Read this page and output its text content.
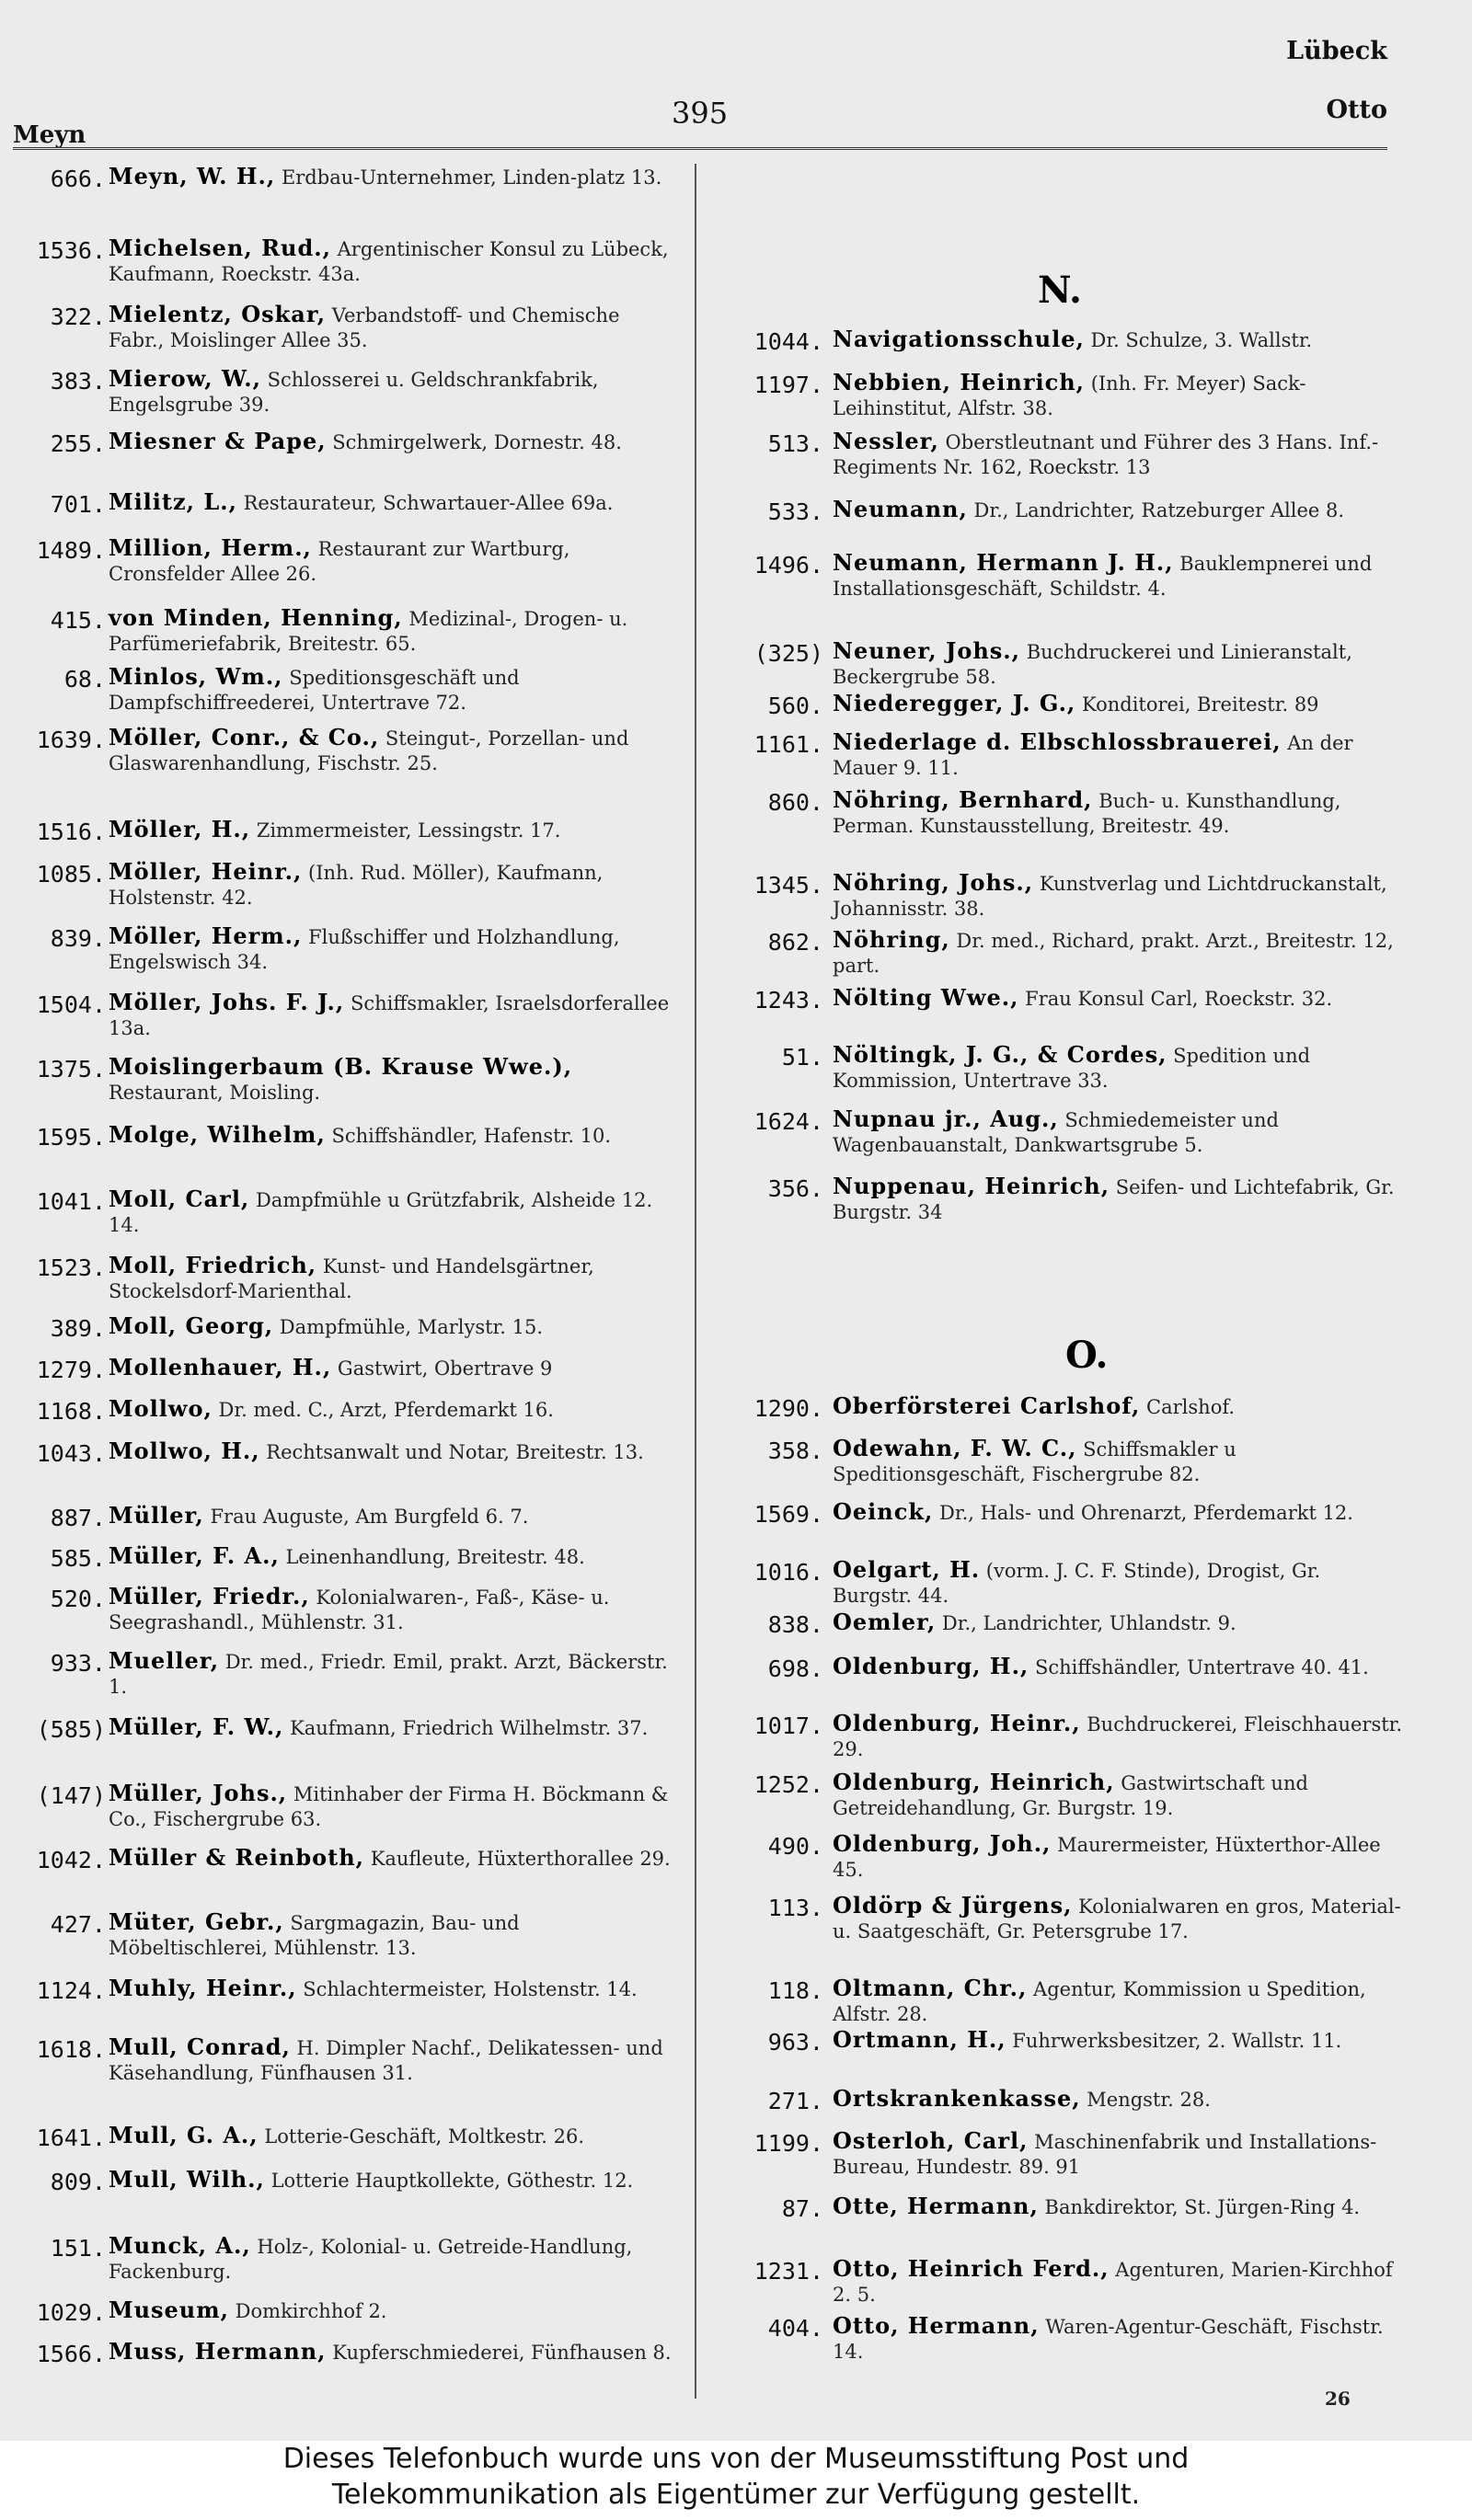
Meyn
395
Lübeck
Otto
666. Meyn, W. H., Erdbau-Unternehmer, Linden-platz 13.
1536. Michelsen, Rud., Argentinischer Konsul zu Lübeck, Kaufmann, Roeckstr. 43a.
322. Mielentz, Oskar, Verbandstoff- und Chemische Fabr., Moislinger Allee 35.
383. Mierow, W., Schlosserei u. Geldschrankfabrik, Engelsgrube 39.
255. Miesner & Pape, Schmirgelwerk, Dornestr. 48.
701. Militz, L., Restaurateur, Schwartauer-Allee 69a.
1489. Million, Herm., Restaurant zur Wartburg, Cronsfelder Allee 26.
415. von Minden, Henning, Medizinal-, Drogen- u. Parfümeriefabrik, Breitestr. 65.
68. Minlos, Wm., Speditionsgeschäft und Dampfschiffreederei, Untertrave 72.
1639. Möller, Conr., & Co., Steingut-, Porzellan- und Glaswarenhandlung, Fischstr. 25.
1516. Möller, H., Zimmermeister, Lessingstr. 17.
1085. Möller, Heinr., (Inh. Rud. Möller), Kaufmann, Holstenstr. 42.
839. Möller, Herm., Flußschiffer und Holzhandlung, Engelswisch 34.
1504. Möller, Johs. F. J., Schiffsmakler, Israelsdorferallee 13a.
1375. Moislingerbaum (B. Krause Wwe.), Restaurant, Moisling.
1595. Molge, Wilhelm, Schiffshändler, Hafenstr. 10.
1041. Moll, Carl, Dampfmühle u Grützfabrik, Alsheide 12. 14.
1523. Moll, Friedrich, Kunst- und Handelsgärtner, Stockelsdorf-Marienthal.
389. Moll, Georg, Dampfmühle, Marlystr. 15.
1279. Mollenhauer, H., Gastwirt, Obertrave 9
1168. Mollwo, Dr. med. C., Arzt, Pferdemarkt 16.
1043. Mollwo, H., Rechtsanwalt und Notar, Breitestr. 13.
887. Müller, Frau Auguste, Am Burgfeld 6. 7.
585. Müller, F. A., Leinenhandlung, Breitestr. 48.
520. Müller, Friedr., Kolonialwaren-, Faß-, Käse- u. Seegrashandl., Mühlenstr. 31.
933. Mueller, Dr. med., Friedr. Emil, prakt. Arzt, Bäckerstr. 1.
(585) Müller, F. W., Kaufmann, Friedrich Wilhelmstr. 37.
(147) Müller, Johs., Mitinhaber der Firma H. Böckmann & Co., Fischergrube 63.
1042. Müller & Reinboth, Kaufleute, Hüxterthorallee 29.
427. Müter, Gebr., Sargmagazin, Bau- und Möbeltischlerei, Mühlenstr. 13.
1124. Muhly, Heinr., Schlachtermeister, Holstenstr. 14.
1618. Mull, Conrad, H. Dimpler Nachf., Delikatessen- und Käsehandlung, Fünfhausen 31.
1641. Mull, G. A., Lotterie-Geschäft, Moltkestr. 26.
809. Mull, Wilh., Lotterie Hauptkollekte, Göthestr. 12.
151. Munck, A., Holz-, Kolonial- u. Getreide-Handlung, Fackenburg.
1029. Museum, Domkirchhof 2.
1566. Muss, Hermann, Kupferschmiederei, Fünfhausen 8.
N.
O.
1044. Navigationsschule, Dr. Schulze, 3. Wallstr.
1197. Nebbien, Heinrich, (Inh. Fr. Meyer) Sack-Leihinstitut, Alfstr. 38.
513. Nessler, Oberstleutnant und Führer des 3 Hans. Inf.-Regiments Nr. 162, Roeckstr. 13
533. Neumann, Dr., Landrichter, Ratzeburger Allee 8.
1496. Neumann, Hermann J. H., Bauklempnerei und Installationsgeschäft, Schildstr. 4.
(325) Neuner, Johs., Buchdruckerei und Linieranstalt, Beckergrube 58.
560. Niederegger, J. G., Konditorei, Breitestr. 89
1161. Niederlage d. Elbschlossbrauerei, An der Mauer 9. 11.
860. Nöhring, Bernhard, Buch- u. Kunsthandlung, Perman. Kunstausstellung, Breitestr. 49.
1345. Nöhring, Johs., Kunstverlag und Lichtdruckanstalt, Johannisstr. 38.
862. Nöhring, Dr. med., Richard, prakt. Arzt., Breitestr. 12, part.
1243. Nölting Wwe., Frau Konsul Carl, Roeckstr. 32.
51. Nöltingk, J. G., & Cordes, Spedition und Kommission, Untertrave 33.
1624. Nupnau jr., Aug., Schmiedemeister und Wagenbauanstalt, Dankwartsgrube 5.
356. Nuppenau, Heinrich, Seifen- und Lichtefabrik, Gr. Burgstr. 34
1290. Oberförsterei Carlshof, Carlshof.
358. Odewahn, F. W. C., Schiffsmakler u Speditionsgeschäft, Fischergrube 82.
1569. Oeinck, Dr., Hals- und Ohrenarzt, Pferdemarkt 12.
1016. Oelgart, H. (vorm. J. C. F. Stinde), Drogist, Gr. Burgstr. 44.
838. Oemler, Dr., Landrichter, Uhlandstr. 9.
698. Oldenburg, H., Schiffshändler, Untertrave 40. 41.
1017. Oldenburg, Heinr., Buchdruckerei, Fleischhauerstr. 29.
1252. Oldenburg, Heinrich, Gastwirtschaft und Getreidehandlung, Gr. Burgstr. 19.
490. Oldenburg, Joh., Maurermeister, Hüxterthor-Allee 45.
113. Oldörp & Jürgens, Kolonialwaren en gros, Material- u. Saatgeschäft, Gr. Petersgrube 17.
118. Oltmann, Chr., Agentur, Kommission u Spedition, Alfstr. 28.
963. Ortmann, H., Fuhrwerksbesitzer, 2. Wallstr. 11.
271. Ortskrankenkasse, Mengstr. 28.
1199. Osterloh, Carl, Maschinenfabrik und Installations-Bureau, Hundestr. 89. 91
87. Otte, Hermann, Bankdirektor, St. Jürgen-Ring 4.
1231. Otto, Heinrich Ferd., Agenturen, Marien-Kirchhof 2. 5.
404. Otto, Hermann, Waren-Agentur-Geschäft, Fischstr. 14.
26
Dieses Telefonbuch wurde uns von der Museumsstiftung Post und
Telekommunikation als Eigentümer zur Verfügung gestellt.
